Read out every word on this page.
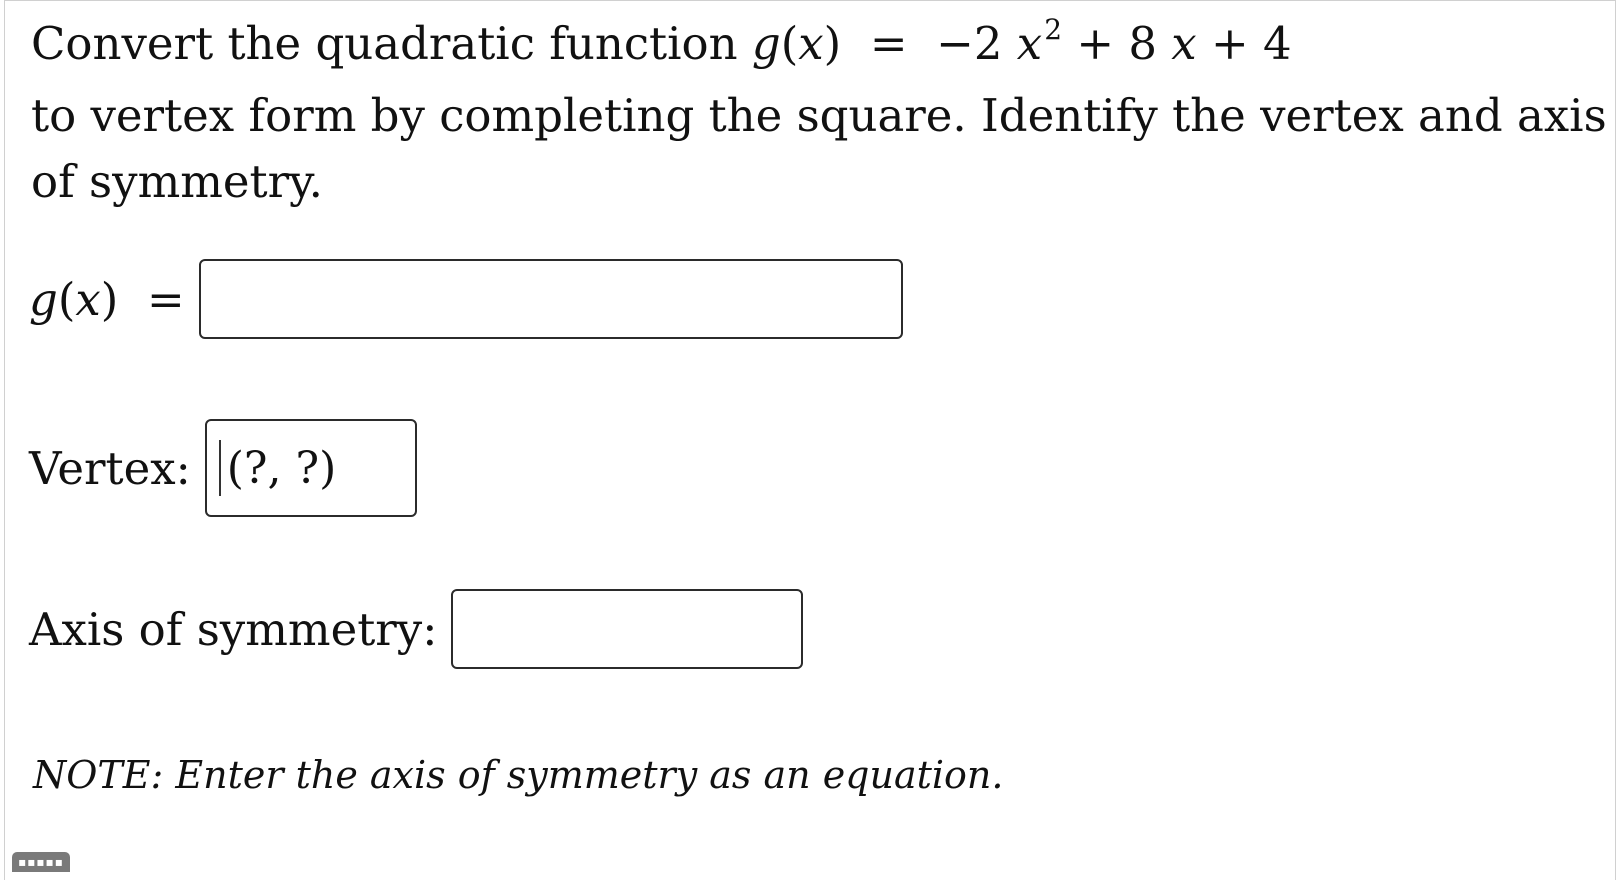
Convert the quadratic function g(x)  =  −2 $x^2 + 8$ x + 4
to vertex form by completing the square. Identify the vertex and axis
of symmetry.
g(x)  =
Vertex: (?, ?)
Axis of symmetry:
NOTE: Enter the axis of symmetry as an equation.
▪▪▪▪▪
